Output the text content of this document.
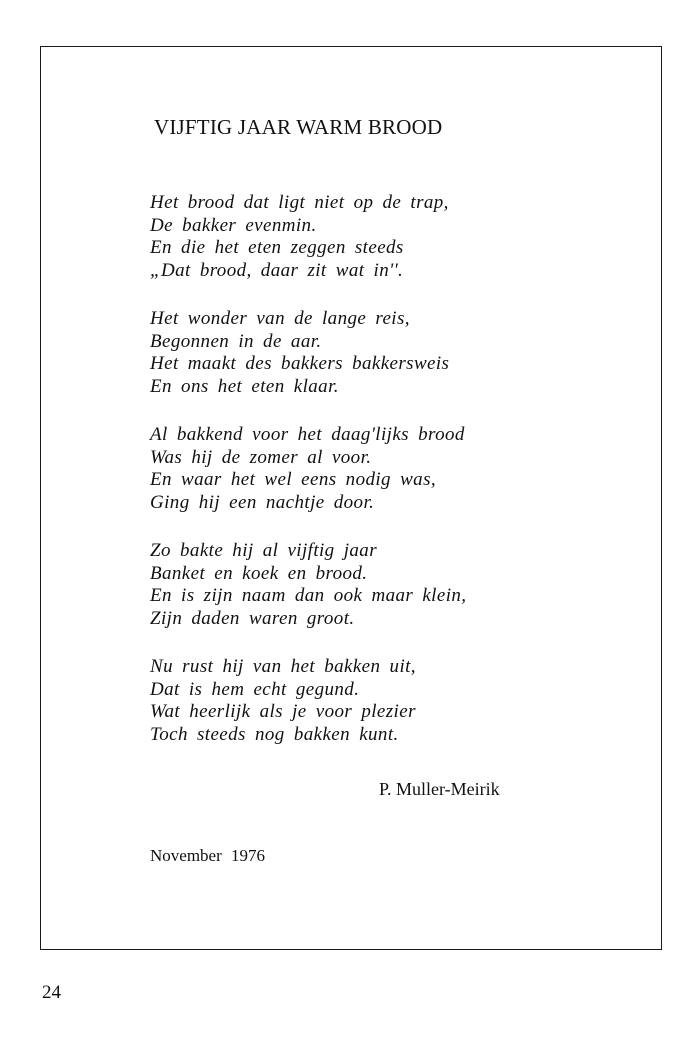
VIJFTIG JAAR WARM BROOD
Het brood dat ligt niet op de trap,
De bakker evenmin.
En die het eten zeggen steeds
„Dat brood, daar zit wat in''.
Het wonder van de lange reis,
Begonnen in de aar.
Het maakt des bakkers bakkersweis
En ons het eten klaar.
Al bakkend voor het daag'lijks brood
Was hij de zomer al voor.
En waar het wel eens nodig was,
Ging hij een nachtje door.
Zo bakte hij al vijftig jaar
Banket en koek en brood.
En is zijn naam dan ook maar klein,
Zijn daden waren groot.
Nu rust hij van het bakken uit,
Dat is hem echt gegund.
Wat heerlijk als je voor plezier
Toch steeds nog bakken kunt.
P. Muller-Meirik
November 1976
24
